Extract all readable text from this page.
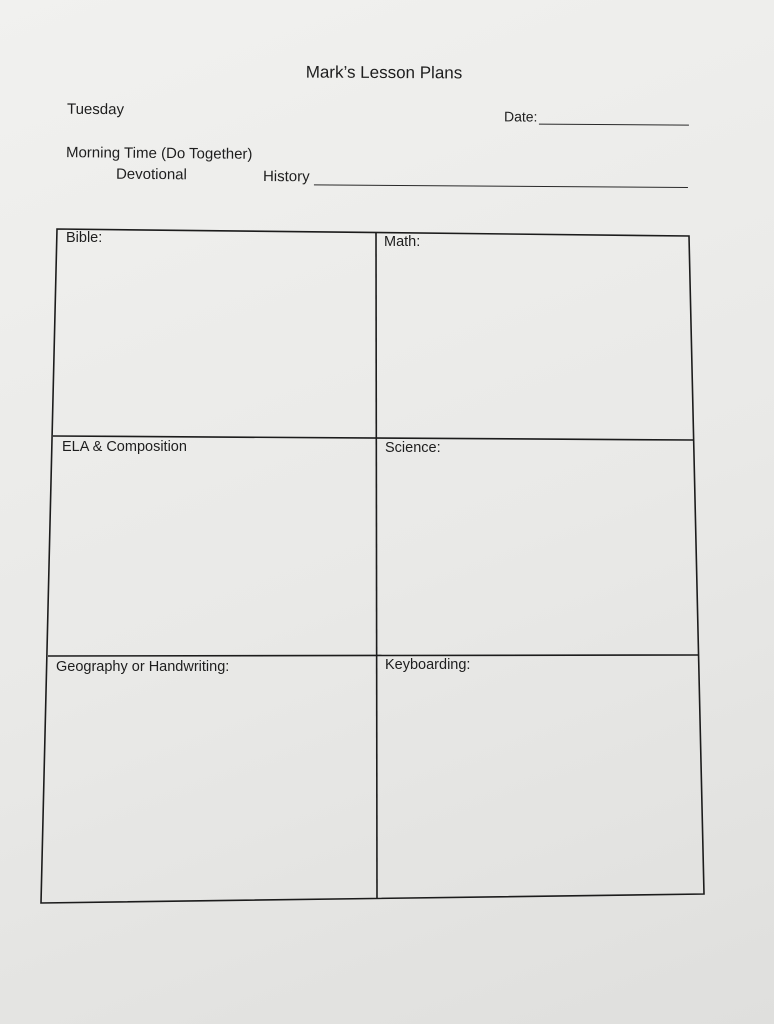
Mark’s Lesson Plans
Tuesday	Date:
Morning Time (Do Together)
Devotional	History
Bible:	Math:
ELA & Composition	Science:
Geography or Handwriting:	Keyboarding:
